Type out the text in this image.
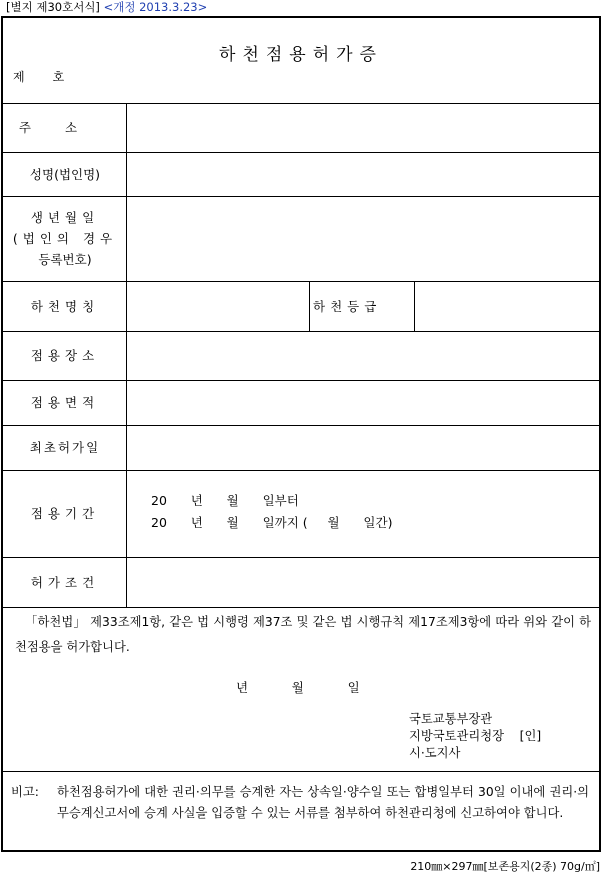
[별지 제30호서식] <개정 2013.3.23>
하천점용허가증
제호
주소
성명(법인명)
생년월일
(법인의 경우
등록번호)
하천명칭	하천등급
점용장소
점용면적
최초허가일
점용기간
허가조건
20      년      월      일부터
20      년      월      일까지 (     월      일간)
「하천법」 제33조제1항, 같은 법 시행령 제37조 및 같은 법 시행규칙 제17조제3항에 따라 위와 같이 하천점용을 허가합니다.
년           월           일
국토교통부장관
지방국토관리청장    [인]
시·도지사
비고: 하천점용허가에 대한 권리·의무를 승계한 자는 상속일·양수일 또는 합병일부터 30일 이내에 권리·의무승계신고서에 승계 사실을 입증할 수 있는 서류를 첨부하여 하천관리청에 신고하여야 합니다.
210㎜×297㎜[보존용지(2종) 70g/㎡]
